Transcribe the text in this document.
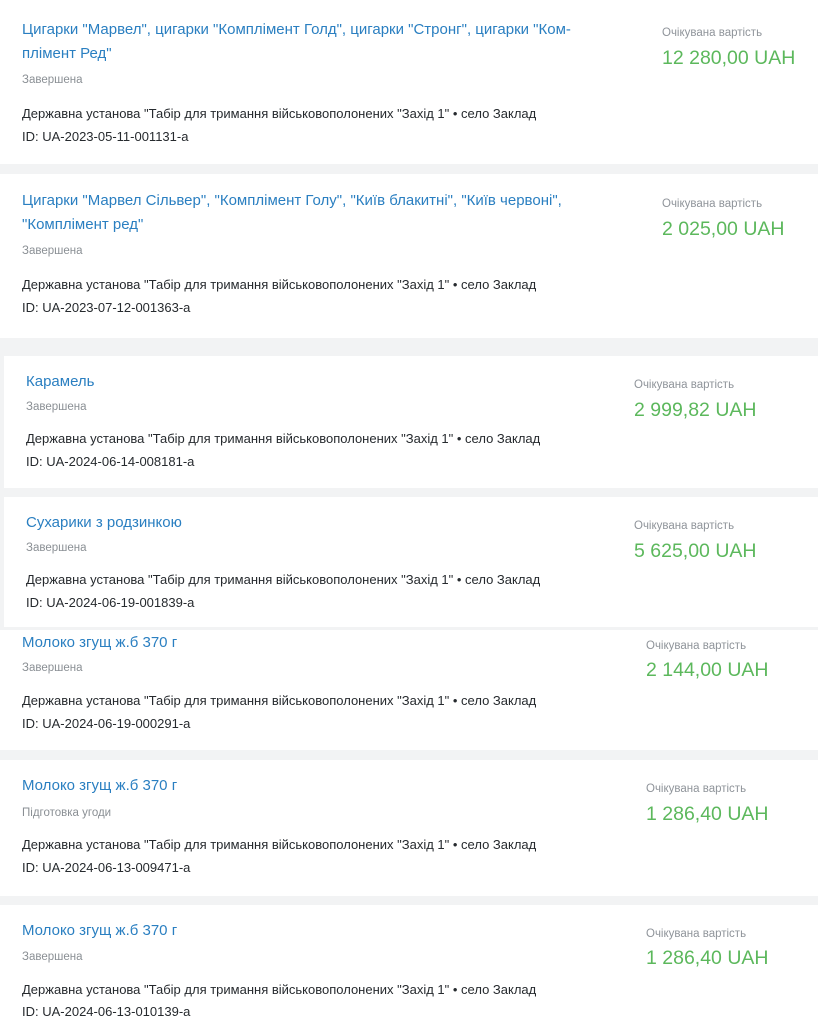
Цигарки "Марвел", цигарки "Комплімент Голд", цигарки "Стронг", цигарки "Ком-
плімент Ред"
Завершена
Державна установа "Табір для тримання військовополонених "Захід 1" • село Заклад
ID: UA-2023-05-11-001131-a
Очікувана вартість
12 280,00 UAH
Цигарки "Марвел Сільвер", "Комплімент Голу", "Київ блакитні", "Київ червоні",
"Комплімент ред"
Завершена
Державна установа "Табір для тримання військовополонених "Захід 1" • село Заклад
ID: UA-2023-07-12-001363-a
Очікувана вартість
2 025,00 UAH
Карамель
Завершена
Державна установа "Табір для тримання військовополонених "Захід 1" • село Заклад
ID: UA-2024-06-14-008181-a
Очікувана вартість
2 999,82 UAH
Сухарики з родзинкою
Завершена
Державна установа "Табір для тримання військовополонених "Захід 1" • село Заклад
ID: UA-2024-06-19-001839-a
Очікувана вартість
5 625,00 UAH
Молоко згущ ж.б 370 г
Завершена
Державна установа "Табір для тримання військовополонених "Захід 1" • село Заклад
ID: UA-2024-06-19-000291-a
Очікувана вартість
2 144,00 UAH
Молоко згущ ж.б 370 г
Підготовка угоди
Державна установа "Табір для тримання військовополонених "Захід 1" • село Заклад
ID: UA-2024-06-13-009471-a
Очікувана вартість
1 286,40 UAH
Молоко згущ ж.б 370 г
Завершена
Державна установа "Табір для тримання військовополонених "Захід 1" • село Заклад
ID: UA-2024-06-13-010139-a
Очікувана вартість
1 286,40 UAH
